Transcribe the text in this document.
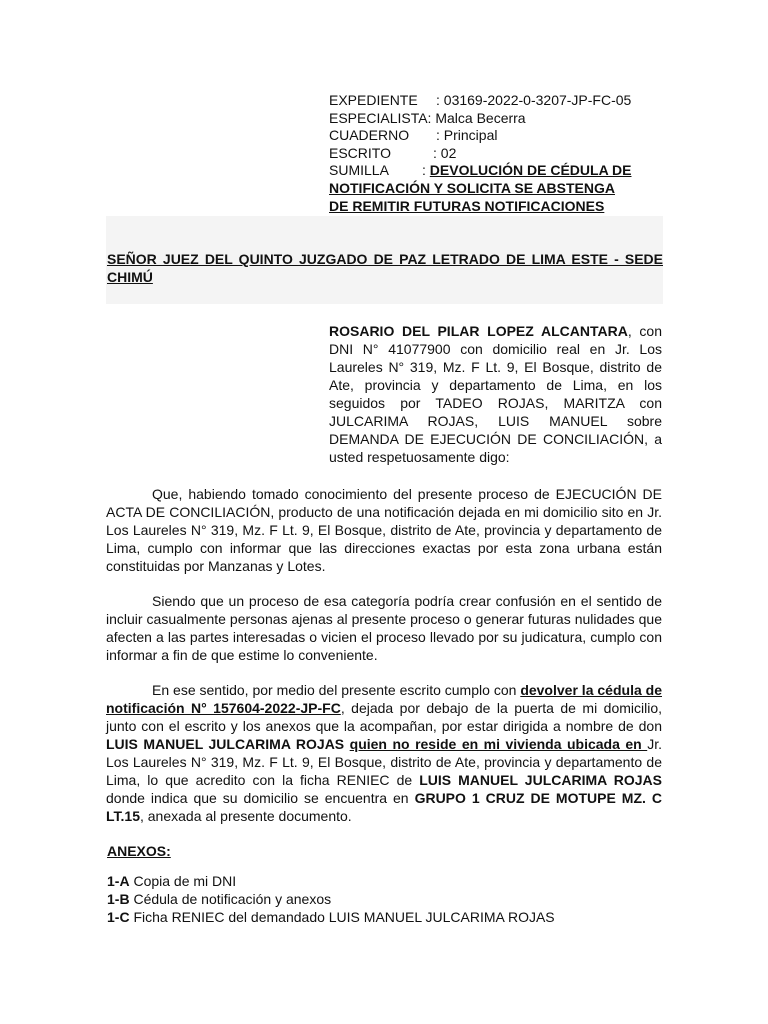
EXPEDIENTE : 03169-2022-0-3207-JP-FC-05
ESPECIALISTA: Malca Becerra
CUADERNO : Principal
ESCRITO	: 02
SUMILLA	: DEVOLUCIÓN DE CÉDULA DE
NOTIFICACIÓN Y SOLICITA SE ABSTENGA
DE REMITIR FUTURAS NOTIFICACIONES
SEÑOR JUEZ DEL QUINTO JUZGADO DE PAZ LETRADO DE LIMA ESTE - SEDE CHIMÚ
ROSARIO DEL PILAR LOPEZ ALCANTARA, con DNI N° 41077900 con domicilio real en Jr. Los Laureles N° 319, Mz. F Lt. 9, El Bosque, distrito de Ate, provincia y departamento de Lima, en los seguidos por TADEO ROJAS, MARITZA con JULCARIMA ROJAS, LUIS MANUEL sobre DEMANDA DE EJECUCIÓN DE CONCILIACIÓN, a usted respetuosamente digo:
Que, habiendo tomado conocimiento del presente proceso de EJECUCIÓN DE ACTA DE CONCILIACIÓN, producto de una notificación dejada en mi domicilio sito en Jr. Los Laureles N° 319, Mz. F Lt. 9, El Bosque, distrito de Ate, provincia y departamento de Lima, cumplo con informar que las direcciones exactas por esta zona urbana están constituidas por Manzanas y Lotes.
Siendo que un proceso de esa categoría podría crear confusión en el sentido de incluir casualmente personas ajenas al presente proceso o generar futuras nulidades que afecten a las partes interesadas o vicien el proceso llevado por su judicatura, cumplo con informar a fin de que estime lo conveniente.
En ese sentido, por medio del presente escrito cumplo con devolver la cédula de notificación N° 157604-2022-JP-FC, dejada por debajo de la puerta de mi domicilio, junto con el escrito y los anexos que la acompañan, por estar dirigida a nombre de don LUIS MANUEL JULCARIMA ROJAS quien no reside en mi vivienda ubicada en Jr. Los Laureles N° 319, Mz. F Lt. 9, El Bosque, distrito de Ate, provincia y departamento de Lima, lo que acredito con la ficha RENIEC de LUIS MANUEL JULCARIMA ROJAS donde indica que su domicilio se encuentra en GRUPO 1 CRUZ DE MOTUPE MZ. C LT.15, anexada al presente documento.
ANEXOS:
1-A Copia de mi DNI
1-B Cédula de notificación y anexos
1-C Ficha RENIEC del demandado LUIS MANUEL JULCARIMA ROJAS
